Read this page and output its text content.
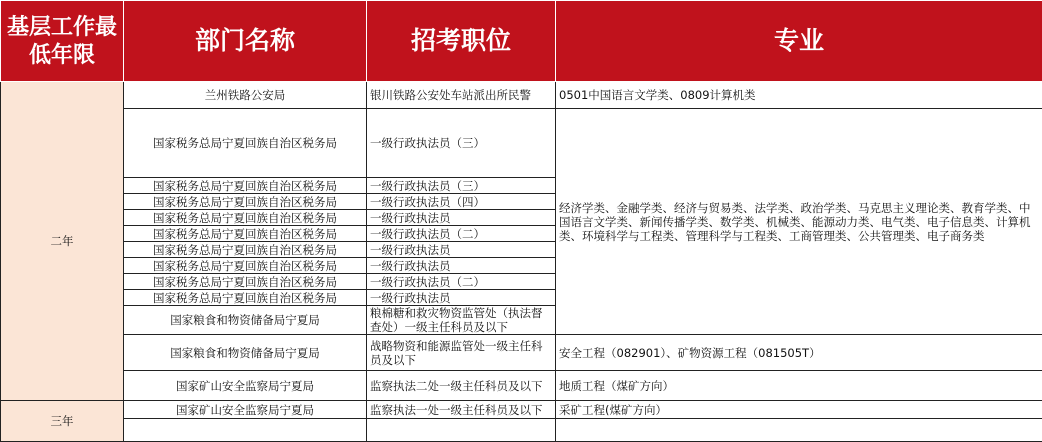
基层工作最低年限	部门名称	招考职位	专业
二年	兰州铁路公安局	银川铁路公安处车站派出所民警	0501中国语言文学类、0809计算机类
	国家税务总局宁夏回族自治区税务局	一级行政执法员（三）	经济学类、金融学类、经济与贸易类、法学类、政治学类、马克思主义理论类、教育学类、中国语言文学类、新闻传播学类、数学类、机械类、能源动力类、电气类、电子信息类、计算机类、环境科学与工程类、管理科学与工程类、工商管理类、公共管理类、电子商务类
	国家税务总局宁夏回族自治区税务局	一级行政执法员（三）	
	国家税务总局宁夏回族自治区税务局	一级行政执法员（四）	
	国家税务总局宁夏回族自治区税务局	一级行政执法员	
	国家税务总局宁夏回族自治区税务局	一级行政执法员（二）	
	国家税务总局宁夏回族自治区税务局	一级行政执法员	
	国家税务总局宁夏回族自治区税务局	一级行政执法员	
	国家税务总局宁夏回族自治区税务局	一级行政执法员（二）	
	国家税务总局宁夏回族自治区税务局	一级行政执法员	
	国家粮食和物资储备局宁夏局	粮棉糖和救灾物资监管处（执法督查处）一级主任科员及以下	
	国家粮食和物资储备局宁夏局	战略物资和能源监管处一级主任科员及以下	安全工程（082901）、矿物资源工程（081505T）
	国家矿山安全监察局宁夏局	监察执法二处一级主任科员及以下	地质工程（煤矿方向）
三年	国家矿山安全监察局宁夏局	监察执法一处一级主任科员及以下	采矿工程(煤矿方向）
